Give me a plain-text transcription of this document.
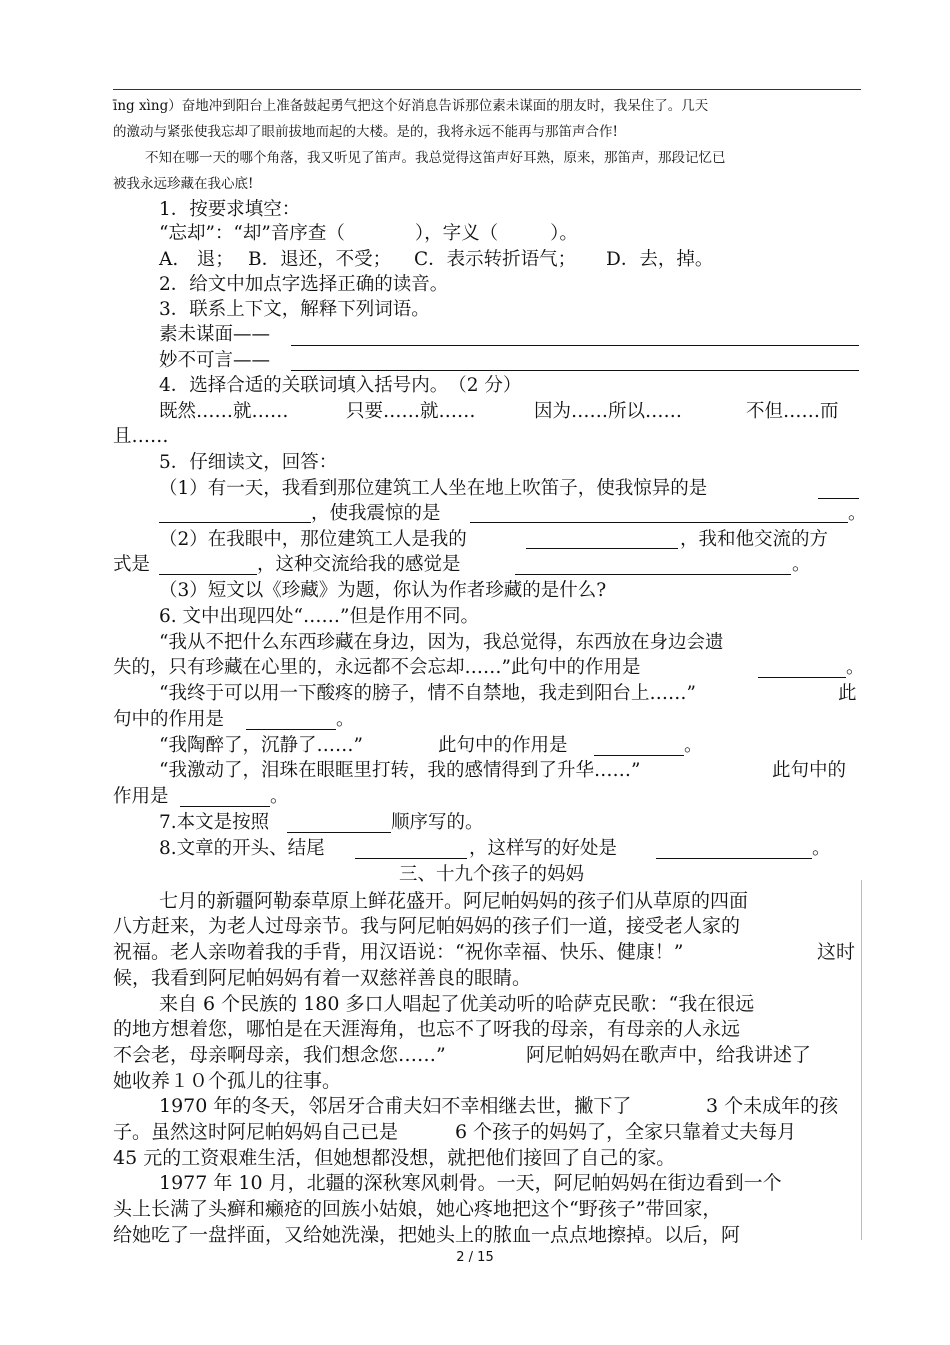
īng xìng）奋地冲到阳台上准备鼓起勇气把这个好消息告诉那位素未谋面的朋友时，我呆住了。几天
的激动与紧张使我忘却了眼前拔地而起的大楼。是的，我将永远不能再与那笛声合作!
不知在哪一天的哪个角落，我又听见了笛声。我总觉得这笛声好耳熟，原来，那笛声，那段记忆已
被我永远珍藏在我心底!
1．按要求填空：
“忘却”：“却”音序查（	），字义（	）。
A.　退； B．退还，不受； C．表示转折语气； D．去，掉。
2．给文中加点字选择正确的读音。
3．联系上下文，解释下列词语。
素未谋面——
妙不可言——
4．选择合适的关联词填入括号内。　（2 分）
既然……就……	只要……就……	因为……所以……	不但……而
且……
5．仔细读文，回答：
（1）有一天，我看到那位建筑工人坐在地上吹笛子，使我惊异的是
，使我震惊的是	。
（2）在我眼中，那位建筑工人是我的	，我和他交流的方
式是	，这种交流给我的感觉是	。
（3）短文以《珍藏》为题，你认为作者珍藏的是什么?
6. 文中出现四处“……”但是作用不同。
“我从不把什么东西珍藏在身边，因为，我总觉得，东西放在身边会遗
失的，只有珍藏在心里的，永远都不会忘却……”此句中的作用是	。
“我终于可以用一下酸疼的膀子，情不自禁地，我走到阳台上……”	此
句中的作用是	。
“我陶醉了，沉静了……”	此句中的作用是	。
“我激动了，泪珠在眼眶里打转，我的感情得到了升华……”	此句中的
作用是	。
7.本文是按照	顺序写的。
8.文章的开头、结尾	，这样写的好处是	。
三、十九个孩子的妈妈
七月的新疆阿勒泰草原上鲜花盛开。阿尼帕妈妈的孩子们从草原的四面
八方赶来，为老人过母亲节。我与阿尼帕妈妈的孩子们一道，接受老人家的
祝福。老人亲吻着我的手背，用汉语说：“祝你幸福、快乐、健康！”	这时
候，我看到阿尼帕妈妈有着一双慈祥善良的眼睛。
来自 6 个民族的 180 多口人唱起了优美动听的哈萨克民歌：“我在很远
的地方想着您，哪怕是在天涯海角，也忘不了呀我的母亲，有母亲的人永远
不会老，母亲啊母亲，我们想念您……”	阿尼帕妈妈在歌声中，给我讲述了
她收养１０个孤儿的往事。
1970 年的冬天，邻居牙合甫夫妇不幸相继去世，撇下了	3 个未成年的孩
子。虽然这时阿尼帕妈妈自己已是	6 个孩子的妈妈了，全家只靠着丈夫每月
45 元的工资艰难生活，但她想都没想，就把他们接回了自己的家。
1977 年 10 月，北疆的深秋寒风刺骨。一天，阿尼帕妈妈在街边看到一个
头上长满了头癣和癞疮的回族小姑娘，她心疼地把这个“野孩子”带回家，
给她吃了一盘拌面，又给她洗澡，把她头上的脓血一点点地擦掉。以后，阿
2 / 15
